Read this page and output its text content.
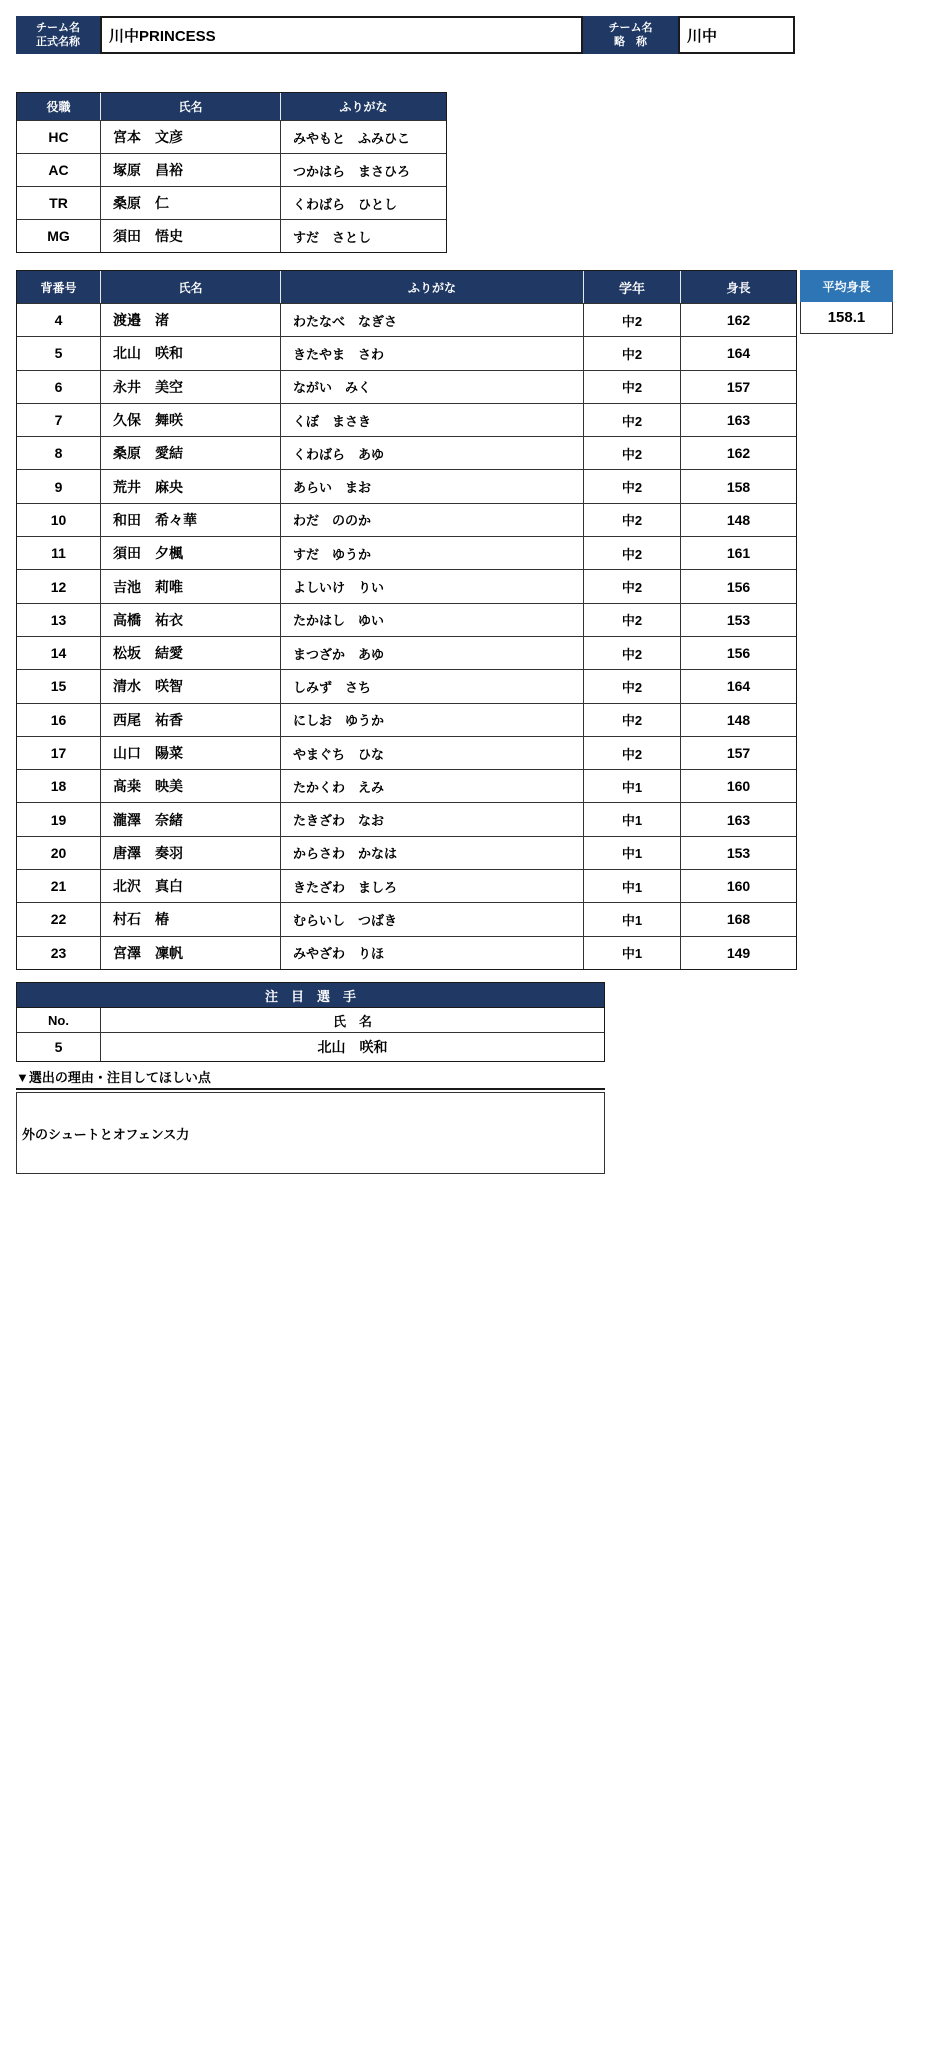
チーム名
正式名称	川中PRINCESS	チーム名
略　称	川中
役職	氏名	ふりがな
HC	宮本　文彦	みやもと　ふみひこ
AC	塚原　昌裕	つかはら　まさひろ
TR	桑原　仁	くわばら　ひとし
MG	須田　悟史	すだ　さとし
背番号	氏名	ふりがな	学年	身長
4	渡邉　渚	わたなべ　なぎさ	中2	162
5	北山　咲和	きたやま　さわ	中2	164
6	永井　美空	ながい　みく	中2	157
7	久保　舞咲	くぼ　まさき	中2	163
8	桑原　愛結	くわばら　あゆ	中2	162
9	荒井　麻央	あらい　まお	中2	158
10	和田　希々華	わだ　ののか	中2	148
11	須田　夕楓	すだ　ゆうか	中2	161
12	吉池　莉唯	よしいけ　りい	中2	156
13	高橋　祐衣	たかはし　ゆい	中2	153
14	松坂　結愛	まつざか　あゆ	中2	156
15	清水　咲智	しみず　さち	中2	164
16	西尾　祐香	にしお　ゆうか	中2	148
17	山口　陽菜	やまぐち　ひな	中2	157
18	髙桒　映美	たかくわ　えみ	中1	160
19	瀧澤　奈緒	たきざわ　なお	中1	163
20	唐澤　奏羽	からさわ　かなは	中1	153
21	北沢　真白	きたざわ　ましろ	中1	160
22	村石　椿	むらいし　つばき	中1	168
23	宮澤　凜帆	みやざわ　りほ	中1	149
平均身長
158.1
注　目　選　手
No.	氏　名
5	北山　咲和
▼選出の理由・注目してほしい点
外のシュートとオフェンス力
